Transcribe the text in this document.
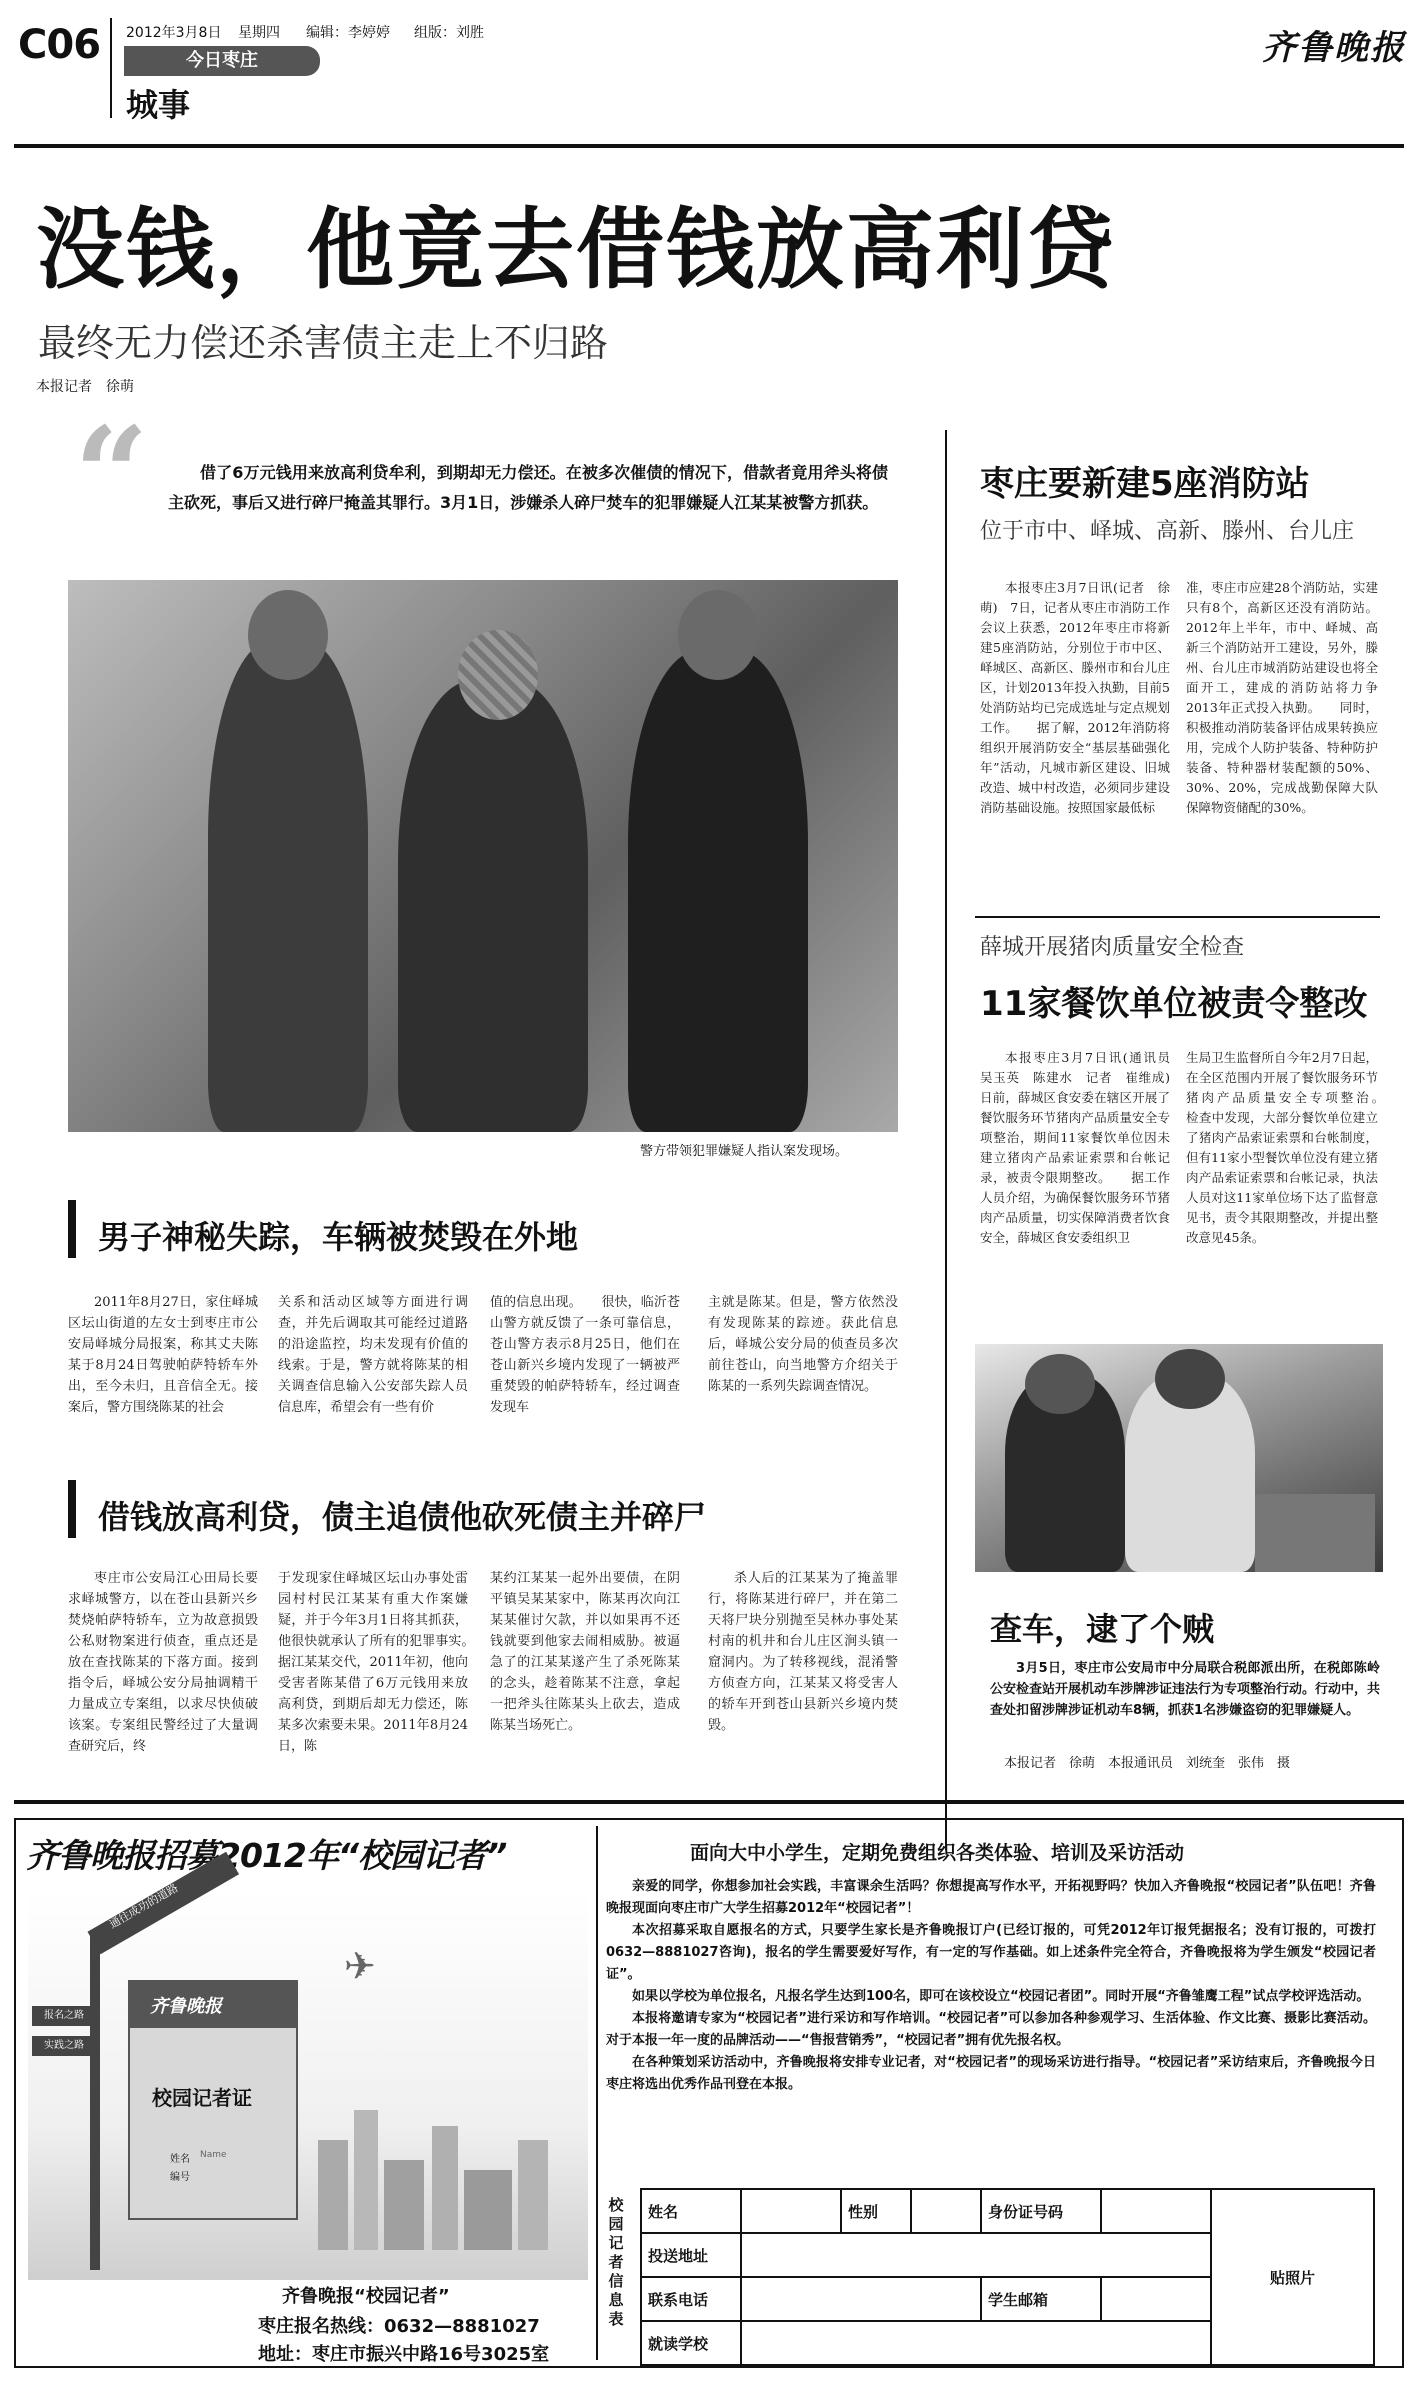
C06 2012年3月8日 星期四 编辑：李婷婷 组版：刘胜
今日枣庄
城事
齐鲁晚报
没钱，他竟去借钱放高利贷
最终无力偿还杀害债主走上不归路
本报记者　徐萌
“	借了6万元钱用来放高利贷牟利，到期却无力偿还。在被多次催债的情况下，借款者竟用斧头将债主砍死，事后又进行碎尸掩盖其罪行。3月1日，涉嫌杀人碎尸焚车的犯罪嫌疑人江某某被警方抓获。
警方带领犯罪嫌疑人指认案发现场。
男子神秘失踪，车辆被焚毁在外地
2011年8月27日，家住峄城区坛山街道的左女士到枣庄市公安局峄城分局报案，称其丈夫陈某于8月24日驾驶帕萨特轿车外出，至今未归，且音信全无。接案后，警方围绕陈某的社会
关系和活动区域等方面进行调查，并先后调取其可能经过道路的沿途监控，均未发现有价值的线索。于是，警方就将陈某的相关调查信息输入公安部失踪人员信息库，希望会有一些有价
值的信息出现。　　很快，临沂苍山警方就反馈了一条可靠信息，苍山警方表示8月25日，他们在苍山新兴乡境内发现了一辆被严重焚毁的帕萨特轿车，经过调查发现车
主就是陈某。但是，警方依然没有发现陈某的踪迹。获此信息后，峄城公安分局的侦查员多次前往苍山，向当地警方介绍关于陈某的一系列失踪调查情况。
借钱放高利贷，债主追债他砍死债主并碎尸
枣庄市公安局江心田局长要求峄城警方，以在苍山县新兴乡焚烧帕萨特轿车，立为故意损毁公私财物案进行侦查，重点还是放在查找陈某的下落方面。接到指令后，峄城公安分局抽调精干力量成立专案组，以求尽快侦破该案。专案组民警经过了大量调查研究后，终
于发现家住峄城区坛山办事处雷园村村民江某某有重大作案嫌疑，并于今年3月1日将其抓获，他很快就承认了所有的犯罪事实。　　据江某某交代，2011年初，他向受害者陈某借了6万元钱用来放高利贷，到期后却无力偿还，陈某多次索要未果。2011年8月24日，陈
某约江某某一起外出要债，在阴平镇吴某某家中，陈某再次向江某某催讨欠款，并以如果再不还钱就要到他家去闹相威胁。被逼急了的江某某遂产生了杀死陈某的念头，趁着陈某不注意，拿起一把斧头往陈某头上砍去，造成陈某当场死亡。
杀人后的江某某为了掩盖罪行，将陈某进行碎尸，并在第二天将尸块分别抛至吴林办事处某村南的机井和台儿庄区涧头镇一窟洞内。为了转移视线，混淆警方侦查方向，江某某又将受害人的轿车开到苍山县新兴乡境内焚毁。
枣庄要新建5座消防站
位于市中、峄城、高新、滕州、台儿庄
本报枣庄3月7日讯(记者　徐萌)　7日，记者从枣庄市消防工作会议上获悉，2012年枣庄市将新建5座消防站，分别位于市中区、峄城区、高新区、滕州市和台儿庄区，计划2013年投入执勤，目前5处消防站均已完成选址与定点规划工作。　　据了解，2012年消防将组织开展消防安全“基层基础强化年”活动，凡城市新区建设、旧城改造、城中村改造，必须同步建设消防基础设施。按照国家最低标
准，枣庄市应建28个消防站，实建只有8个，高新区还没有消防站。2012年上半年，市中、峄城、高新三个消防站开工建设，另外，滕州、台儿庄市城消防站建设也将全面开工，建成的消防站将力争2013年正式投入执勤。　　同时，积极推动消防装备评估成果转换应用，完成个人防护装备、特种防护装备、特种器材装配额的50%、30%、20%，完成战勤保障大队保障物资储配的30%。
薛城开展猪肉质量安全检查
11家餐饮单位被责令整改
本报枣庄3月7日讯(通讯员　吴玉英　陈建水　记者　崔维成)　日前，薛城区食安委在辖区开展了餐饮服务环节猪肉产品质量安全专项整治，期间11家餐饮单位因未建立猪肉产品索证索票和台帐记录，被责令限期整改。　　据工作人员介绍，为确保餐饮服务环节猪肉产品质量，切实保障消费者饮食安全，薛城区食安委组织卫
生局卫生监督所自今年2月7日起，在全区范围内开展了餐饮服务环节猪肉产品质量安全专项整治。　　检查中发现，大部分餐饮单位建立了猪肉产品索证索票和台帐制度，但有11家小型餐饮单位没有建立猪肉产品索证索票和台帐记录，执法人员对这11家单位场下达了监督意见书，责令其限期整改，并提出整改意见45条。
查车，逮了个贼
3月5日，枣庄市公安局市中分局联合税郎派出所，在税郎陈岭公安检查站开展机动车涉牌涉证违法行为专项整治行动。行动中，共查处扣留涉牌涉证机动车8辆，抓获1名涉嫌盗窃的犯罪嫌疑人。
本报记者　徐萌　本报通讯员　刘统奎　张伟　摄
齐鲁晚报招募2012年“校园记者”
通往成功的道路
报名之路
实践之路
✈
齐鲁晚报
校园记者证
姓名 Name
编号
齐鲁晚报“校园记者”
枣庄报名热线：0632—8881027
地址：枣庄市振兴中路16号3025室
面向大中小学生，定期免费组织各类体验、培训及采访活动

亲爱的同学，你想参加社会实践，丰富课余生活吗？你想提高写作水平，开拓视野吗？快加入齐鲁晚报“校园记者”队伍吧！齐鲁晚报现面向枣庄市广大学生招募2012年“校园记者”！

本次招募采取自愿报名的方式，只要学生家长是齐鲁晚报订户(已经订报的，可凭2012年订报凭据报名；没有订报的，可拨打0632—8881027咨询)，报名的学生需要爱好写作，有一定的写作基础。如上述条件完全符合，齐鲁晚报将为学生颁发“校园记者证”。

如果以学校为单位报名，凡报名学生达到100名，即可在该校设立“校园记者团”。同时开展“齐鲁雏鹰工程”试点学校评选活动。

本报将邀请专家为“校园记者”进行采访和写作培训。“校园记者”可以参加各种参观学习、生活体验、作文比赛、摄影比赛活动。对于本报一年一度的品牌活动——“售报营销秀”，“校园记者”拥有优先报名权。

在各种策划采访活动中，齐鲁晚报将安排专业记者，对“校园记者”的现场采访进行指导。“校园记者”采访结束后，齐鲁晚报今日枣庄将选出优秀作品刊登在本报。

校园记者信息表
姓名		性别		身份证号码		贴照片
投送地址						
联系电话				学生邮箱		
就读学校						
